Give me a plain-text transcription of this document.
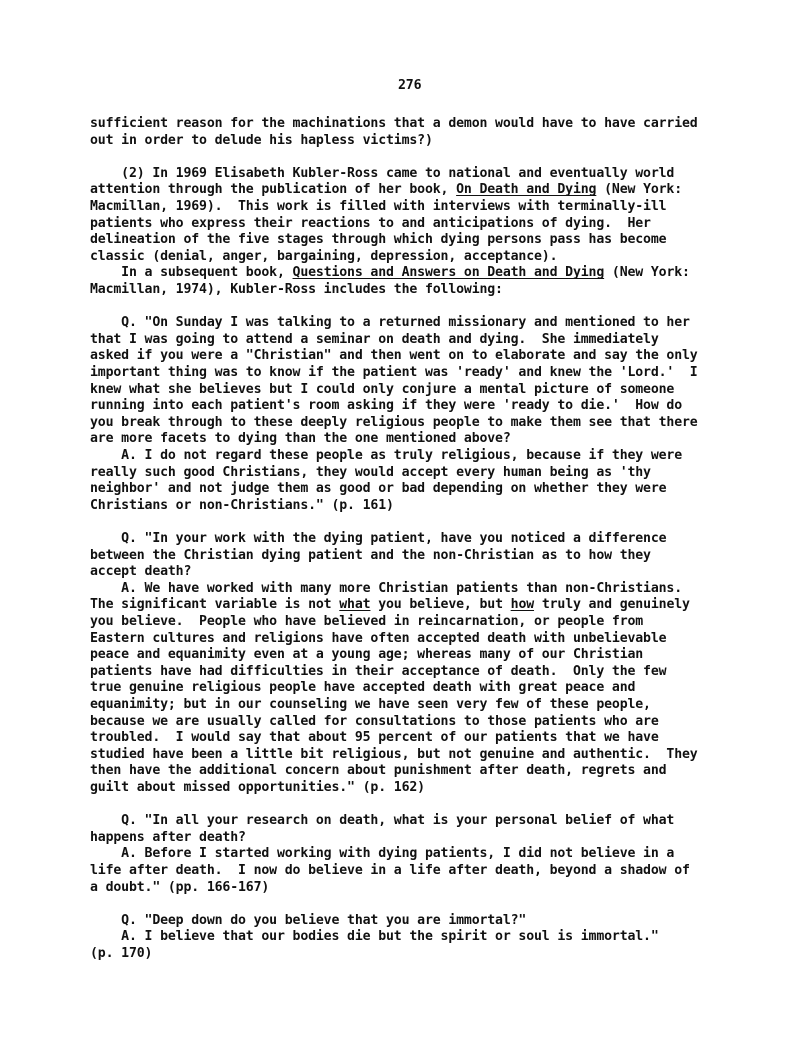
276
sufficient reason for the machinations that a demon would have to have carried
out in order to delude his hapless victims?)
(2) In 1969 Elisabeth Kubler-Ross came to national and eventually world
attention through the publication of her book, On Death and Dying (New York:
Macmillan, 1969).  This work is filled with interviews with terminally-ill
patients who express their reactions to and anticipations of dying.  Her
delineation of the five stages through which dying persons pass has become
classic (denial, anger, bargaining, depression, acceptance).
In a subsequent book, Questions and Answers on Death and Dying (New York:
Macmillan, 1974), Kubler-Ross includes the following:
Q. "On Sunday I was talking to a returned missionary and mentioned to her
that I was going to attend a seminar on death and dying.  She immediately
asked if you were a "Christian" and then went on to elaborate and say the only
important thing was to know if the patient was 'ready' and knew the 'Lord.'  I
knew what she believes but I could only conjure a mental picture of someone
running into each patient's room asking if they were 'ready to die.'  How do
you break through to these deeply religious people to make them see that there
are more facets to dying than the one mentioned above?
A. I do not regard these people as truly religious, because if they were
really such good Christians, they would accept every human being as 'thy
neighbor' and not judge them as good or bad depending on whether they were
Christians or non-Christians." (p. 161)
Q. "In your work with the dying patient, have you noticed a difference
between the Christian dying patient and the non-Christian as to how they
accept death?
A. We have worked with many more Christian patients than non-Christians.
The significant variable is not what you believe, but how truly and genuinely
you believe.  People who have believed in reincarnation, or people from
Eastern cultures and religions have often accepted death with unbelievable
peace and equanimity even at a young age; whereas many of our Christian
patients have had difficulties in their acceptance of death.  Only the few
true genuine religious people have accepted death with great peace and
equanimity; but in our counseling we have seen very few of these people,
because we are usually called for consultations to those patients who are
troubled.  I would say that about 95 percent of our patients that we have
studied have been a little bit religious, but not genuine and authentic.  They
then have the additional concern about punishment after death, regrets and
guilt about missed opportunities." (p. 162)
Q. "In all your research on death, what is your personal belief of what
happens after death?
A. Before I started working with dying patients, I did not believe in a
life after death.  I now do believe in a life after death, beyond a shadow of
a doubt." (pp. 166-167)
Q. "Deep down do you believe that you are immortal?"
A. I believe that our bodies die but the spirit or soul is immortal."
(p. 170)
